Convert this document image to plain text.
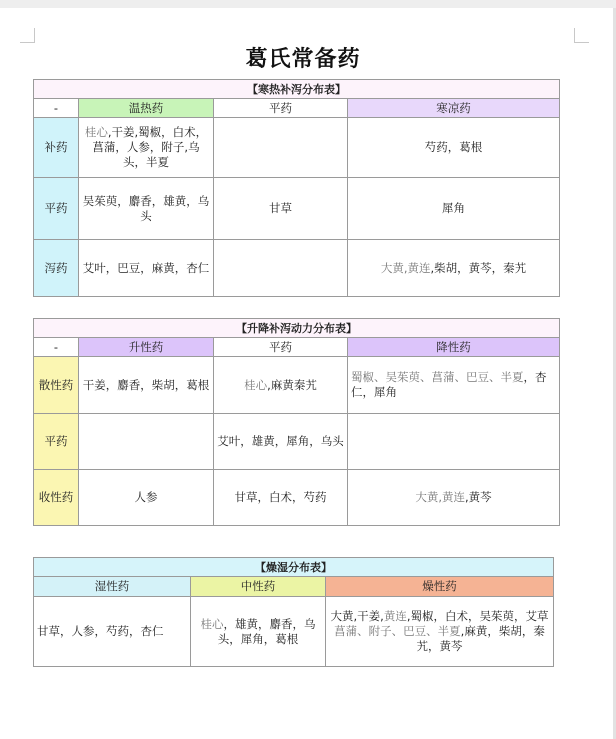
葛氏常备药
【寒热补泻分布表】			
-	温热药	平药	寒凉药
补药	桂心,干姜,蜀椒，白术，菖蒲，人参，附子,乌头，半夏		芍药，葛根
平药	吴茱萸，麝香，雄黄，乌头	甘草	犀角
泻药	艾叶，巴豆，麻黄，杏仁		大黄,黄连,柴胡，黄芩，秦艽
【升降补泻动力分布表】			
-	升性药	平药	降性药
散性药	干姜，麝香，柴胡，葛根	桂心,麻黄秦艽	蜀椒、吴茱萸、菖蒲、巴豆、半夏，杏仁，犀角
平药		艾叶，雄黄，犀角，乌头	
收性药	人参	甘草，白术，芍药	大黄,黄连,黄芩
【燥湿分布表】		
湿性药	中性药	燥性药
甘草，人参，芍药，杏仁	桂心，雄黄，麝香，乌头，犀角，葛根	大黄,干姜,黄连,蜀椒，白术，吴茱萸，艾草
菖蒲、附子、巴豆、半夏,麻黄，柴胡，秦艽，黄芩
